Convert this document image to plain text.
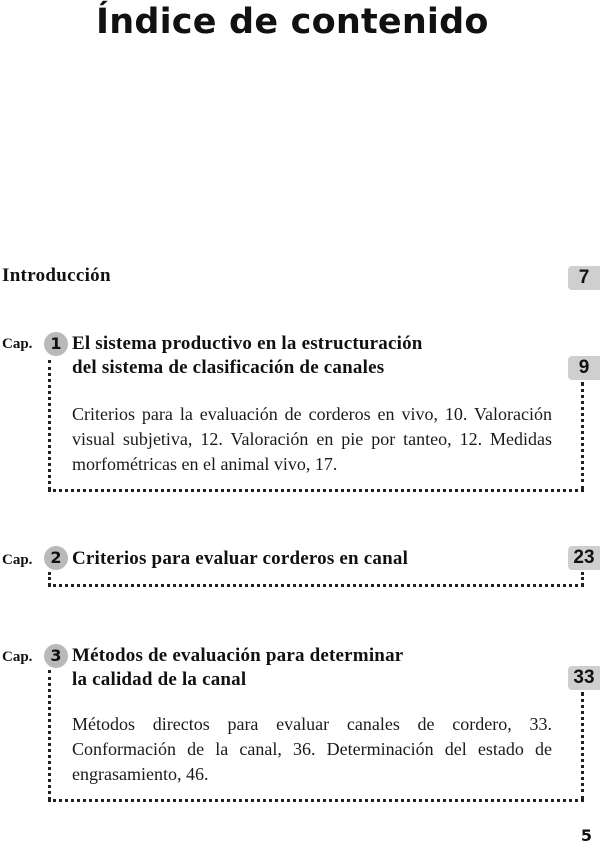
Índice de contenido
Introducción	7
Cap.	1 El sistema productivo en la estructuración
del sistema de clasificación de canales	9
Criterios para la evaluación de corderos en vivo, 10. Valoración visual subjetiva, 12. Valoración en pie por tanteo, 12. Medidas morfométricas en el animal vivo, 17.
Cap.	2 Criterios para evaluar corderos en canal	23
Cap.	3 Métodos de evaluación para determinar
la calidad de la canal	33
Métodos directos para evaluar canales de cordero, 33. Conformación de la canal, 36. Determinación del estado de engrasamiento, 46.
5
